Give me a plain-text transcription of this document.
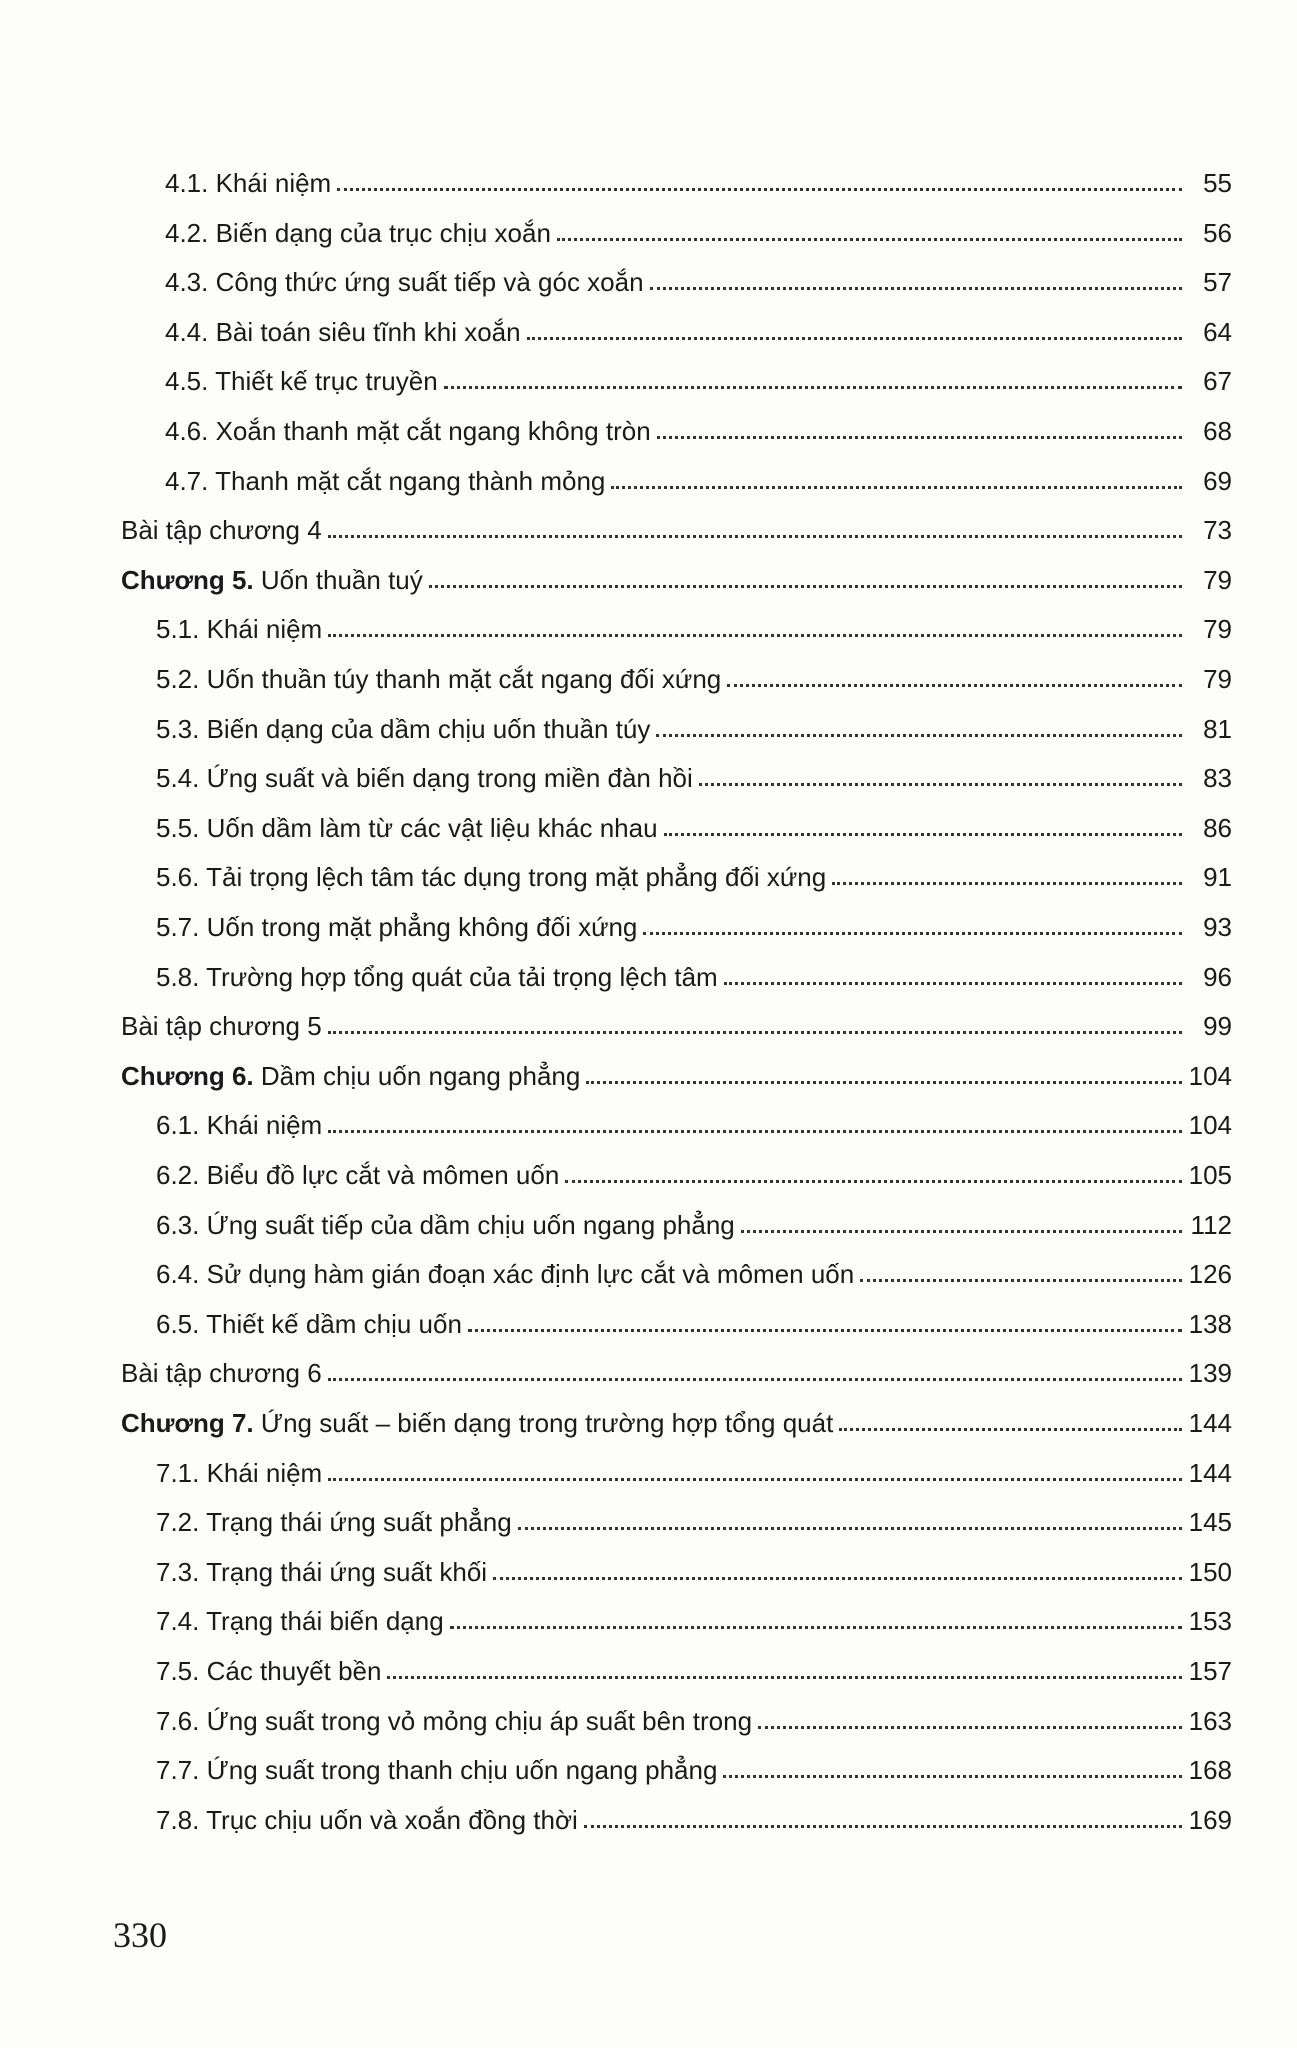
4.1. Khái niệm	55
4.2. Biến dạng của trục chịu xoắn	56
4.3. Công thức ứng suất tiếp và góc xoắn	57
4.4. Bài toán siêu tĩnh khi xoắn	64
4.5. Thiết kế trục truyền	67
4.6. Xoắn thanh mặt cắt ngang không tròn	68
4.7. Thanh mặt cắt ngang thành mỏng	69
Bài tập chương 4	73
Chương 5. Uốn thuần tuý	79
5.1. Khái niệm	79
5.2. Uốn thuần túy thanh mặt cắt ngang đối xứng	79
5.3. Biến dạng của dầm chịu uốn thuần túy	81
5.4. Ứng suất và biến dạng trong miền đàn hồi	83
5.5. Uốn dầm làm từ các vật liệu khác nhau	86
5.6. Tải trọng lệch tâm tác dụng trong mặt phẳng đối xứng	91
5.7. Uốn trong mặt phẳng không đối xứng	93
5.8. Trường hợp tổng quát của tải trọng lệch tâm	96
Bài tập chương 5	99
Chương 6. Dầm chịu uốn ngang phẳng	104
6.1. Khái niệm	104
6.2. Biểu đồ lực cắt và mômen uốn	105
6.3. Ứng suất tiếp của dầm chịu uốn ngang phẳng	112
6.4. Sử dụng hàm gián đoạn xác định lực cắt và mômen uốn	126
6.5. Thiết kế dầm chịu uốn	138
Bài tập chương 6	139
Chương 7. Ứng suất – biến dạng trong trường hợp tổng quát	144
7.1. Khái niệm	144
7.2. Trạng thái ứng suất phẳng	145
7.3. Trạng thái ứng suất khối	150
7.4. Trạng thái biến dạng	153
7.5. Các thuyết bền	157
7.6. Ứng suất trong vỏ mỏng chịu áp suất bên trong	163
7.7. Ứng suất trong thanh chịu uốn ngang phẳng	168
7.8. Trục chịu uốn và xoắn đồng thời	169
330
